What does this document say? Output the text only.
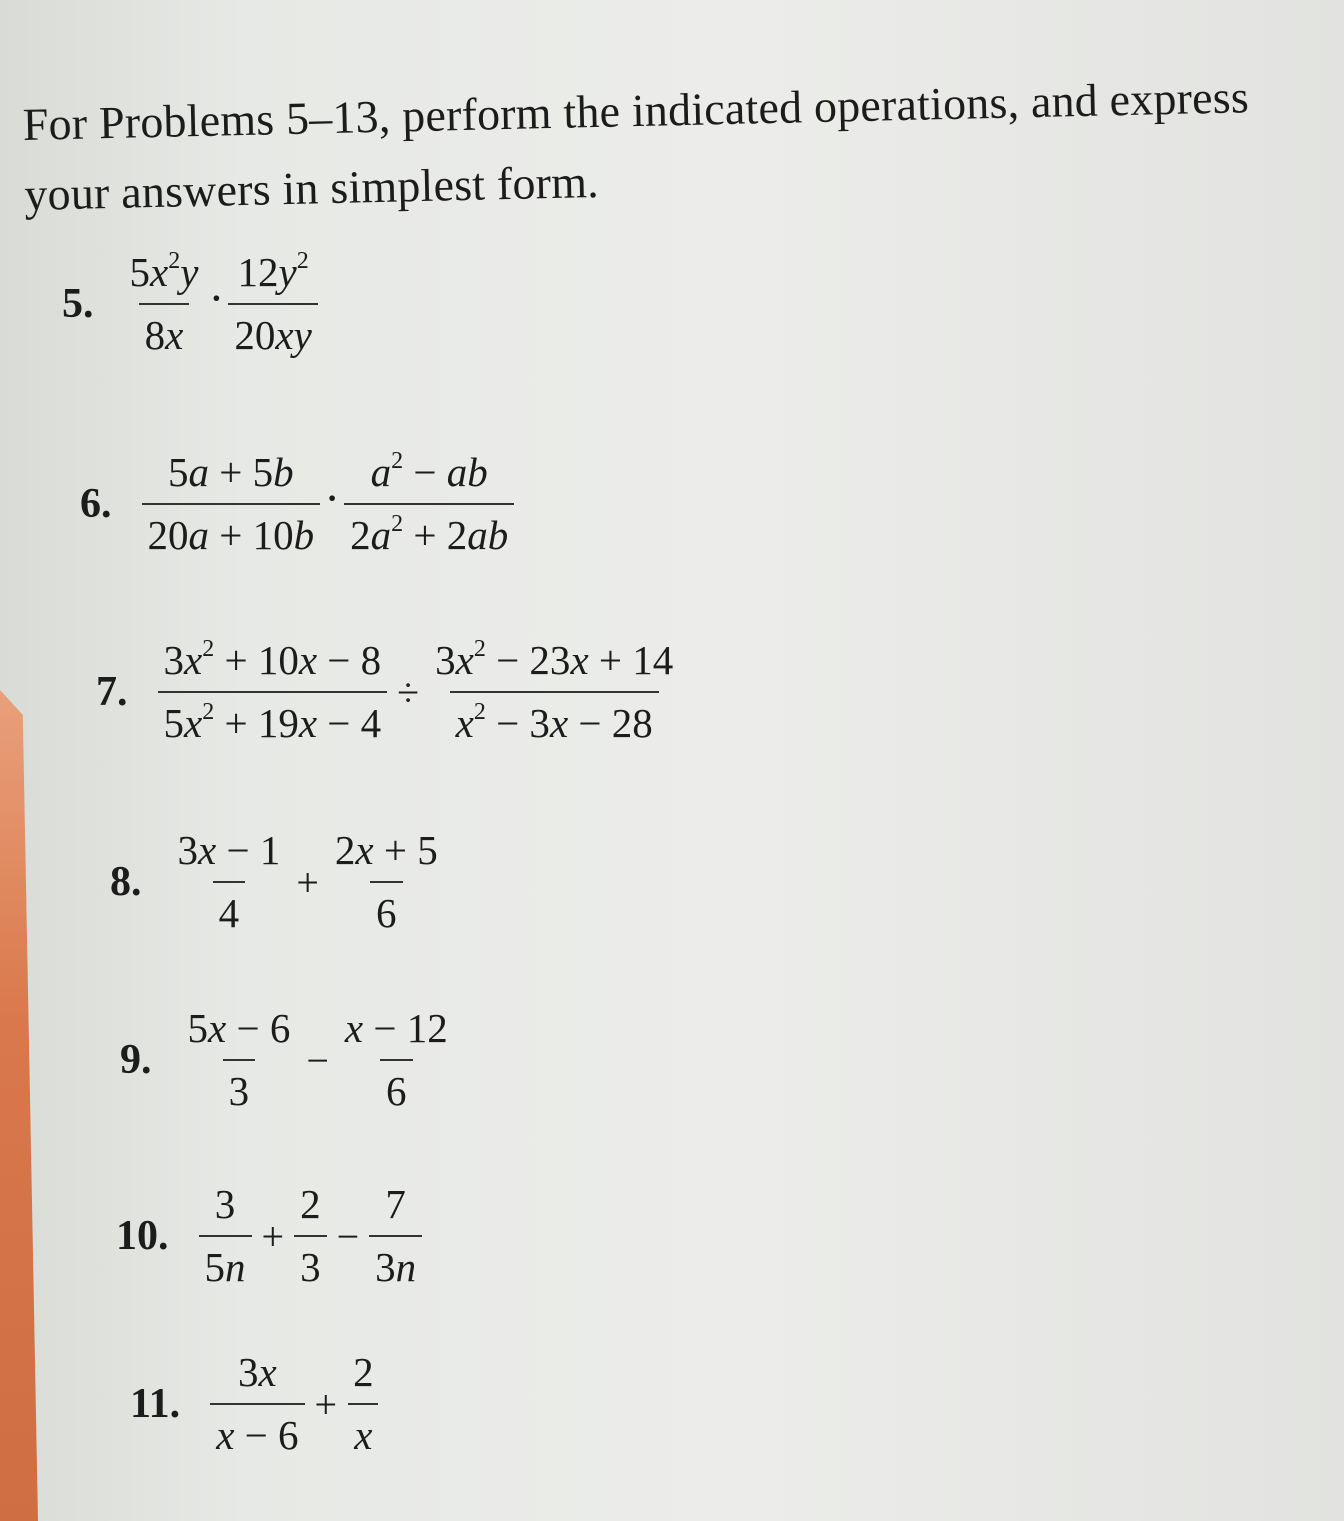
For Problems 5–13, perform the indicated operations, and express your answers in simplest form.
5. $\frac{5x^2y}{8x} \cdot \frac{12y^2}{20xy}$
6. $\frac{5a + 5b}{20a + 10b} \cdot \frac{a^2 - ab}{2a^2 + 2ab}$
7. $\frac{3x^2 + 10x - 8}{5x^2 + 19x - 4} \div \frac{3x^2 - 23x + 14}{x^2 - 3x - 28}$
8. $\frac{3x - 1}{4} + \frac{2x + 5}{6}$
9. $\frac{5x - 6}{3} - \frac{x - 12}{6}$
10. $\frac{3}{5n} + \frac{2}{3} - \frac{7}{3n}$
11. $\frac{3x}{x - 6} + \frac{2}{x}$
